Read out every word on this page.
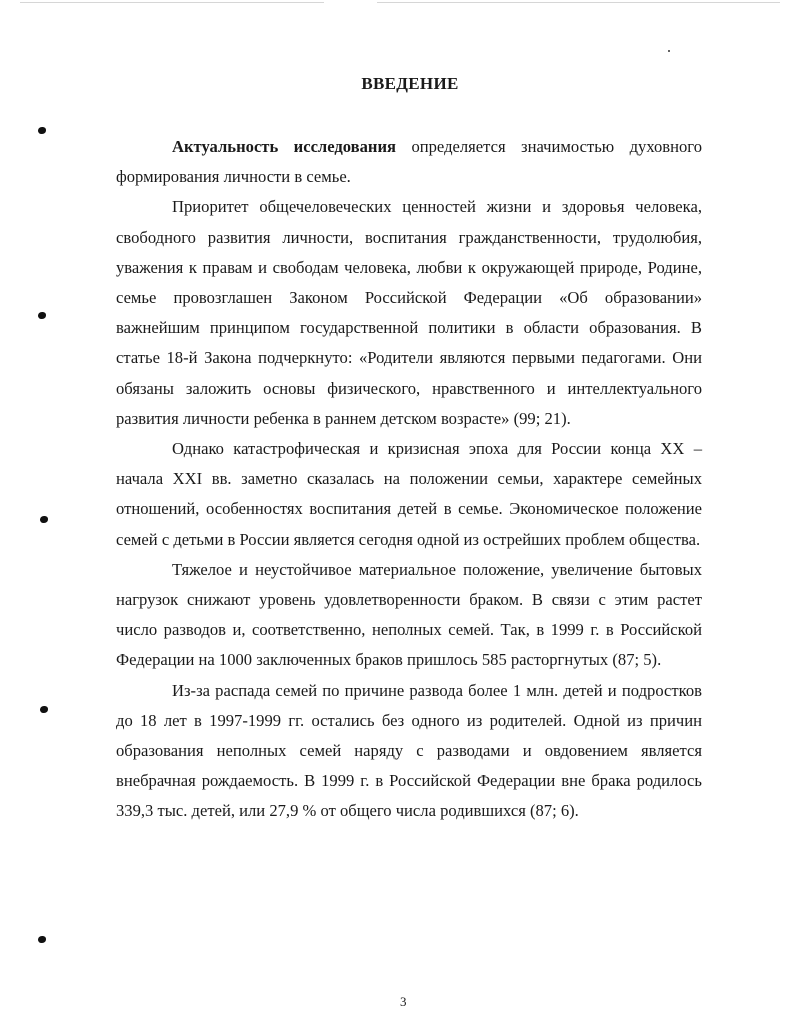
ВВЕДЕНИЕ

Актуальность исследования определяется значимостью духовного формирования личности в семье.

Приоритет общечеловеческих ценностей жизни и здоровья человека, свободного развития личности, воспитания гражданственности, трудолюбия, уважения к правам и свободам человека, любви к окружающей природе, Родине, семье провозглашен Законом Российской Федерации «Об образовании» важнейшим принципом государственной политики в области образования. В статье 18-й Закона подчеркнуто: «Родители являются первыми педагогами. Они обязаны заложить основы физического, нравственного и интеллектуального развития личности ребенка в раннем детском возрасте» (99; 21).

Однако катастрофическая и кризисная эпоха для России конца XX – начала XXI вв. заметно сказалась на положении семьи, характере семейных отношений, особенностях воспитания детей в семье. Экономическое положение семей с детьми в России является сегодня одной из острейших проблем общества.

Тяжелое и неустойчивое материальное положение, увеличение бытовых нагрузок снижают уровень удовлетворенности браком. В связи с этим растет число разводов и, соответственно, неполных семей. Так, в 1999 г. в Российской Федерации на 1000 заключенных браков пришлось 585 расторгнутых (87; 5).

Из-за распада семей по причине развода более 1 млн. детей и подростков до 18 лет в 1997-1999 гг. остались без одного из родителей. Одной из причин образования неполных семей наряду с разводами и овдовением является внебрачная рождаемость. В 1999 г. в Российской Федерации вне брака родилось 339,3 тыс. детей, или 27,9 % от общего числа родившихся (87; 6).

3
